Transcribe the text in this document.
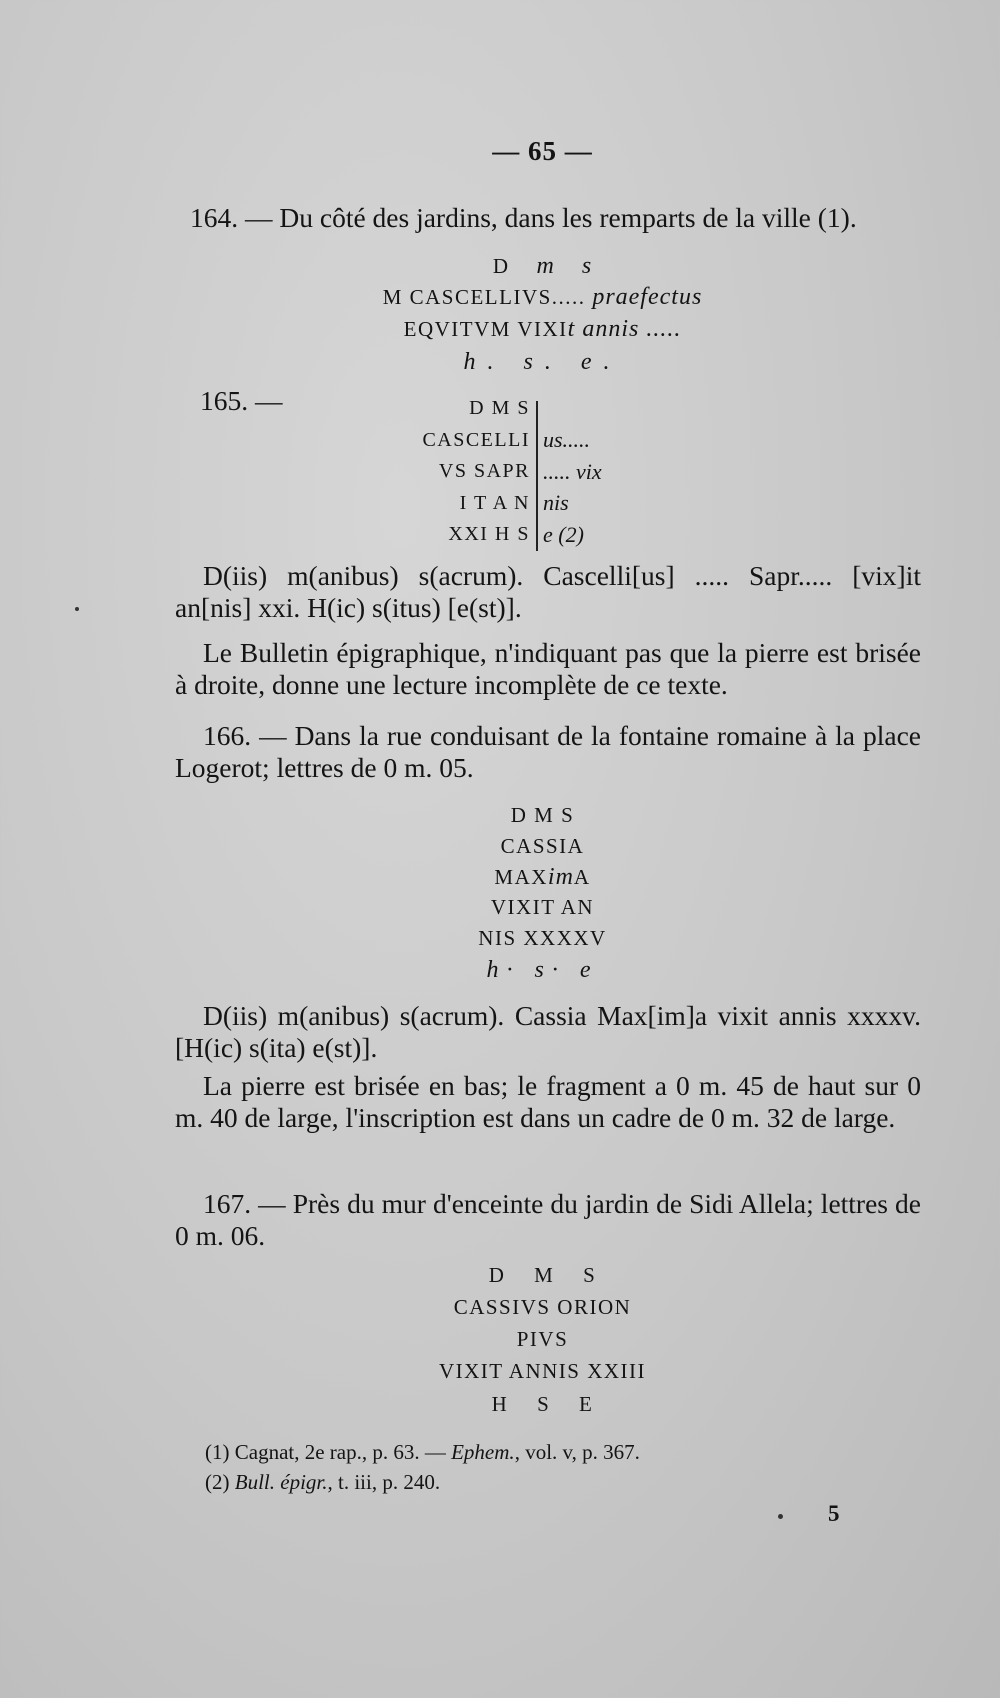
— 65 —
164. — Du côté des jardins, dans les remparts de la ville (1).
D m s
M CASCELLIVS..... praefectus
EQVITVM VIXIt annis .....
h. s. e.
165. —	D M S
CASCELLI
VS SAPR
I T A N
XXI H S
us.....
..... vix
nis
e (2)
D(iis) m(anibus) s(acrum). Cascelli[us] ..... Sapr..... [vix]it an[nis] xxi. H(ic) s(itus) [e(st)].
Le Bulletin épigraphique, n'indiquant pas que la pierre est brisée à droite, donne une lecture incomplète de ce texte.
166. — Dans la rue conduisant de la fontaine romaine à la place Logerot; lettres de 0 m. 05.
D M S
CASSIA
MAXimA
VIXIT AN
NIS XXXXV
h· s· e
D(iis) m(anibus) s(acrum). Cassia Max[im]a vixit annis xxxxv. [H(ic) s(ita) e(st)].
La pierre est brisée en bas; le fragment a 0 m. 45 de haut sur 0 m. 40 de large, l'inscription est dans un cadre de 0 m. 32 de large.
167. — Près du mur d'enceinte du jardin de Sidi Allela; lettres de 0 m. 06.
D M S
CASSIVS ORION
PIVS
VIXIT ANNIS XXIII
H S E
(1) Cagnat, 2e rap., p. 63. — Ephem., vol. v, p. 367.
(2) Bull. épigr., t. iii, p. 240.
5
